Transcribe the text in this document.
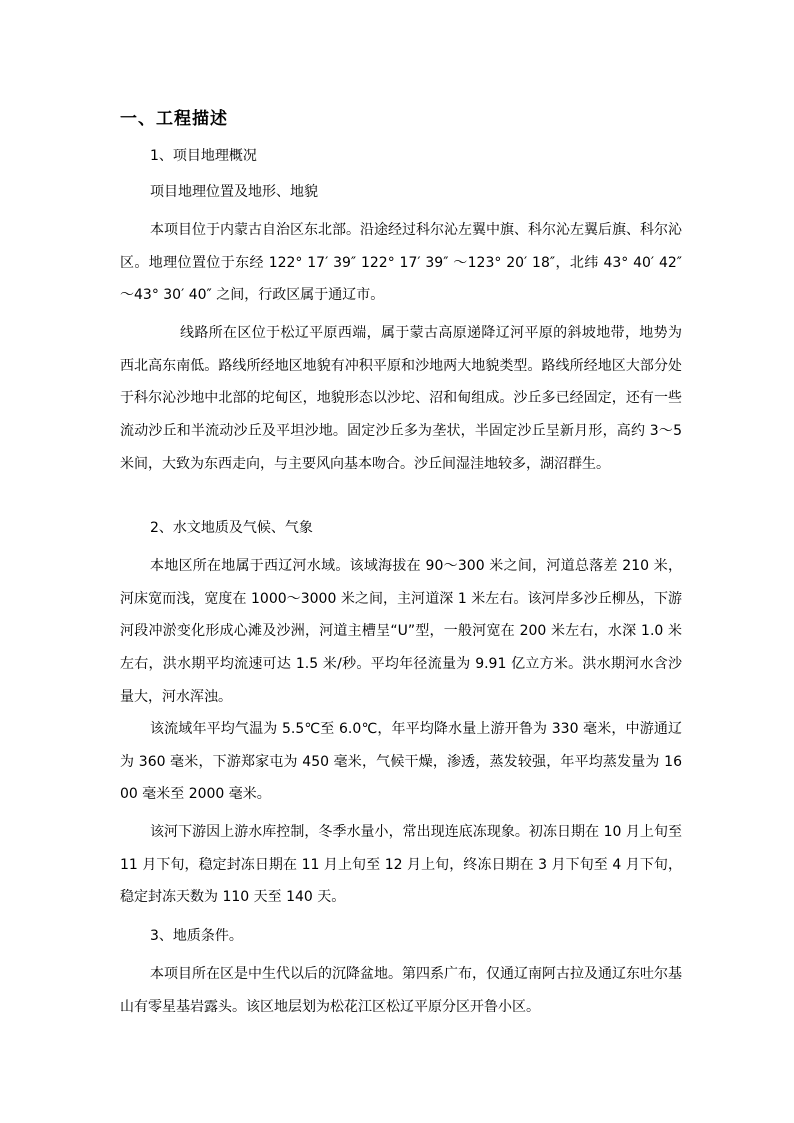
一、工程描述
1、项目地理概况
项目地理位置及地形、地貌
本项目位于内蒙古自治区东北部。沿途经过科尔沁左翼中旗、科尔沁左翼后旗、科尔沁区。地理位置位于东经 122° 17′ 39″ 122° 17′ 39″ ～123° 20′ 18″，北纬 43° 40′ 42″ ～43° 30′ 40″ 之间，行政区属于通辽市。
线路所在区位于松辽平原西端，属于蒙古高原递降辽河平原的斜坡地带，地势为西北高东南低。路线所经地区地貌有冲积平原和沙地两大地貌类型。路线所经地区大部分处于科尔沁沙地中北部的坨甸区，地貌形态以沙坨、沼和甸组成。沙丘多已经固定，还有一些流动沙丘和半流动沙丘及平坦沙地。固定沙丘多为垄状，半固定沙丘呈新月形，高约 3～5 米间，大致为东西走向，与主要风向基本吻合。沙丘间湿洼地较多，湖沼群生。
2、水文地质及气候、气象
本地区所在地属于西辽河水域。该域海拔在 90～300 米之间，河道总落差 210 米，河床宽而浅，宽度在 1000～3000 米之间，主河道深 1 米左右。该河岸多沙丘柳丛，下游河段冲淤变化形成心滩及沙洲，河道主槽呈“U”型，一般河宽在 200 米左右，水深 1.0 米左右，洪水期平均流速可达 1.5 米/秒。平均年径流量为 9.91 亿立方米。洪水期河水含沙量大，河水浑浊。
该流域年平均气温为 5.5℃至 6.0℃，年平均降水量上游开鲁为 330 毫米，中游通辽为 360 毫米，下游郑家屯为 450 毫米，气候干燥，渗透，蒸发较强，年平均蒸发量为 1600 毫米至 2000 毫米。
该河下游因上游水库控制，冬季水量小，常出现连底冻现象。初冻日期在 10 月上旬至 11 月下旬，稳定封冻日期在 11 月上旬至 12 月上旬，终冻日期在 3 月下旬至 4 月下旬，稳定封冻天数为 110 天至 140 天。
3、地质条件。
本项目所在区是中生代以后的沉降盆地。第四系广布，仅通辽南阿古拉及通辽东吐尔基山有零星基岩露头。该区地层划为松花江区松辽平原分区开鲁小区。
